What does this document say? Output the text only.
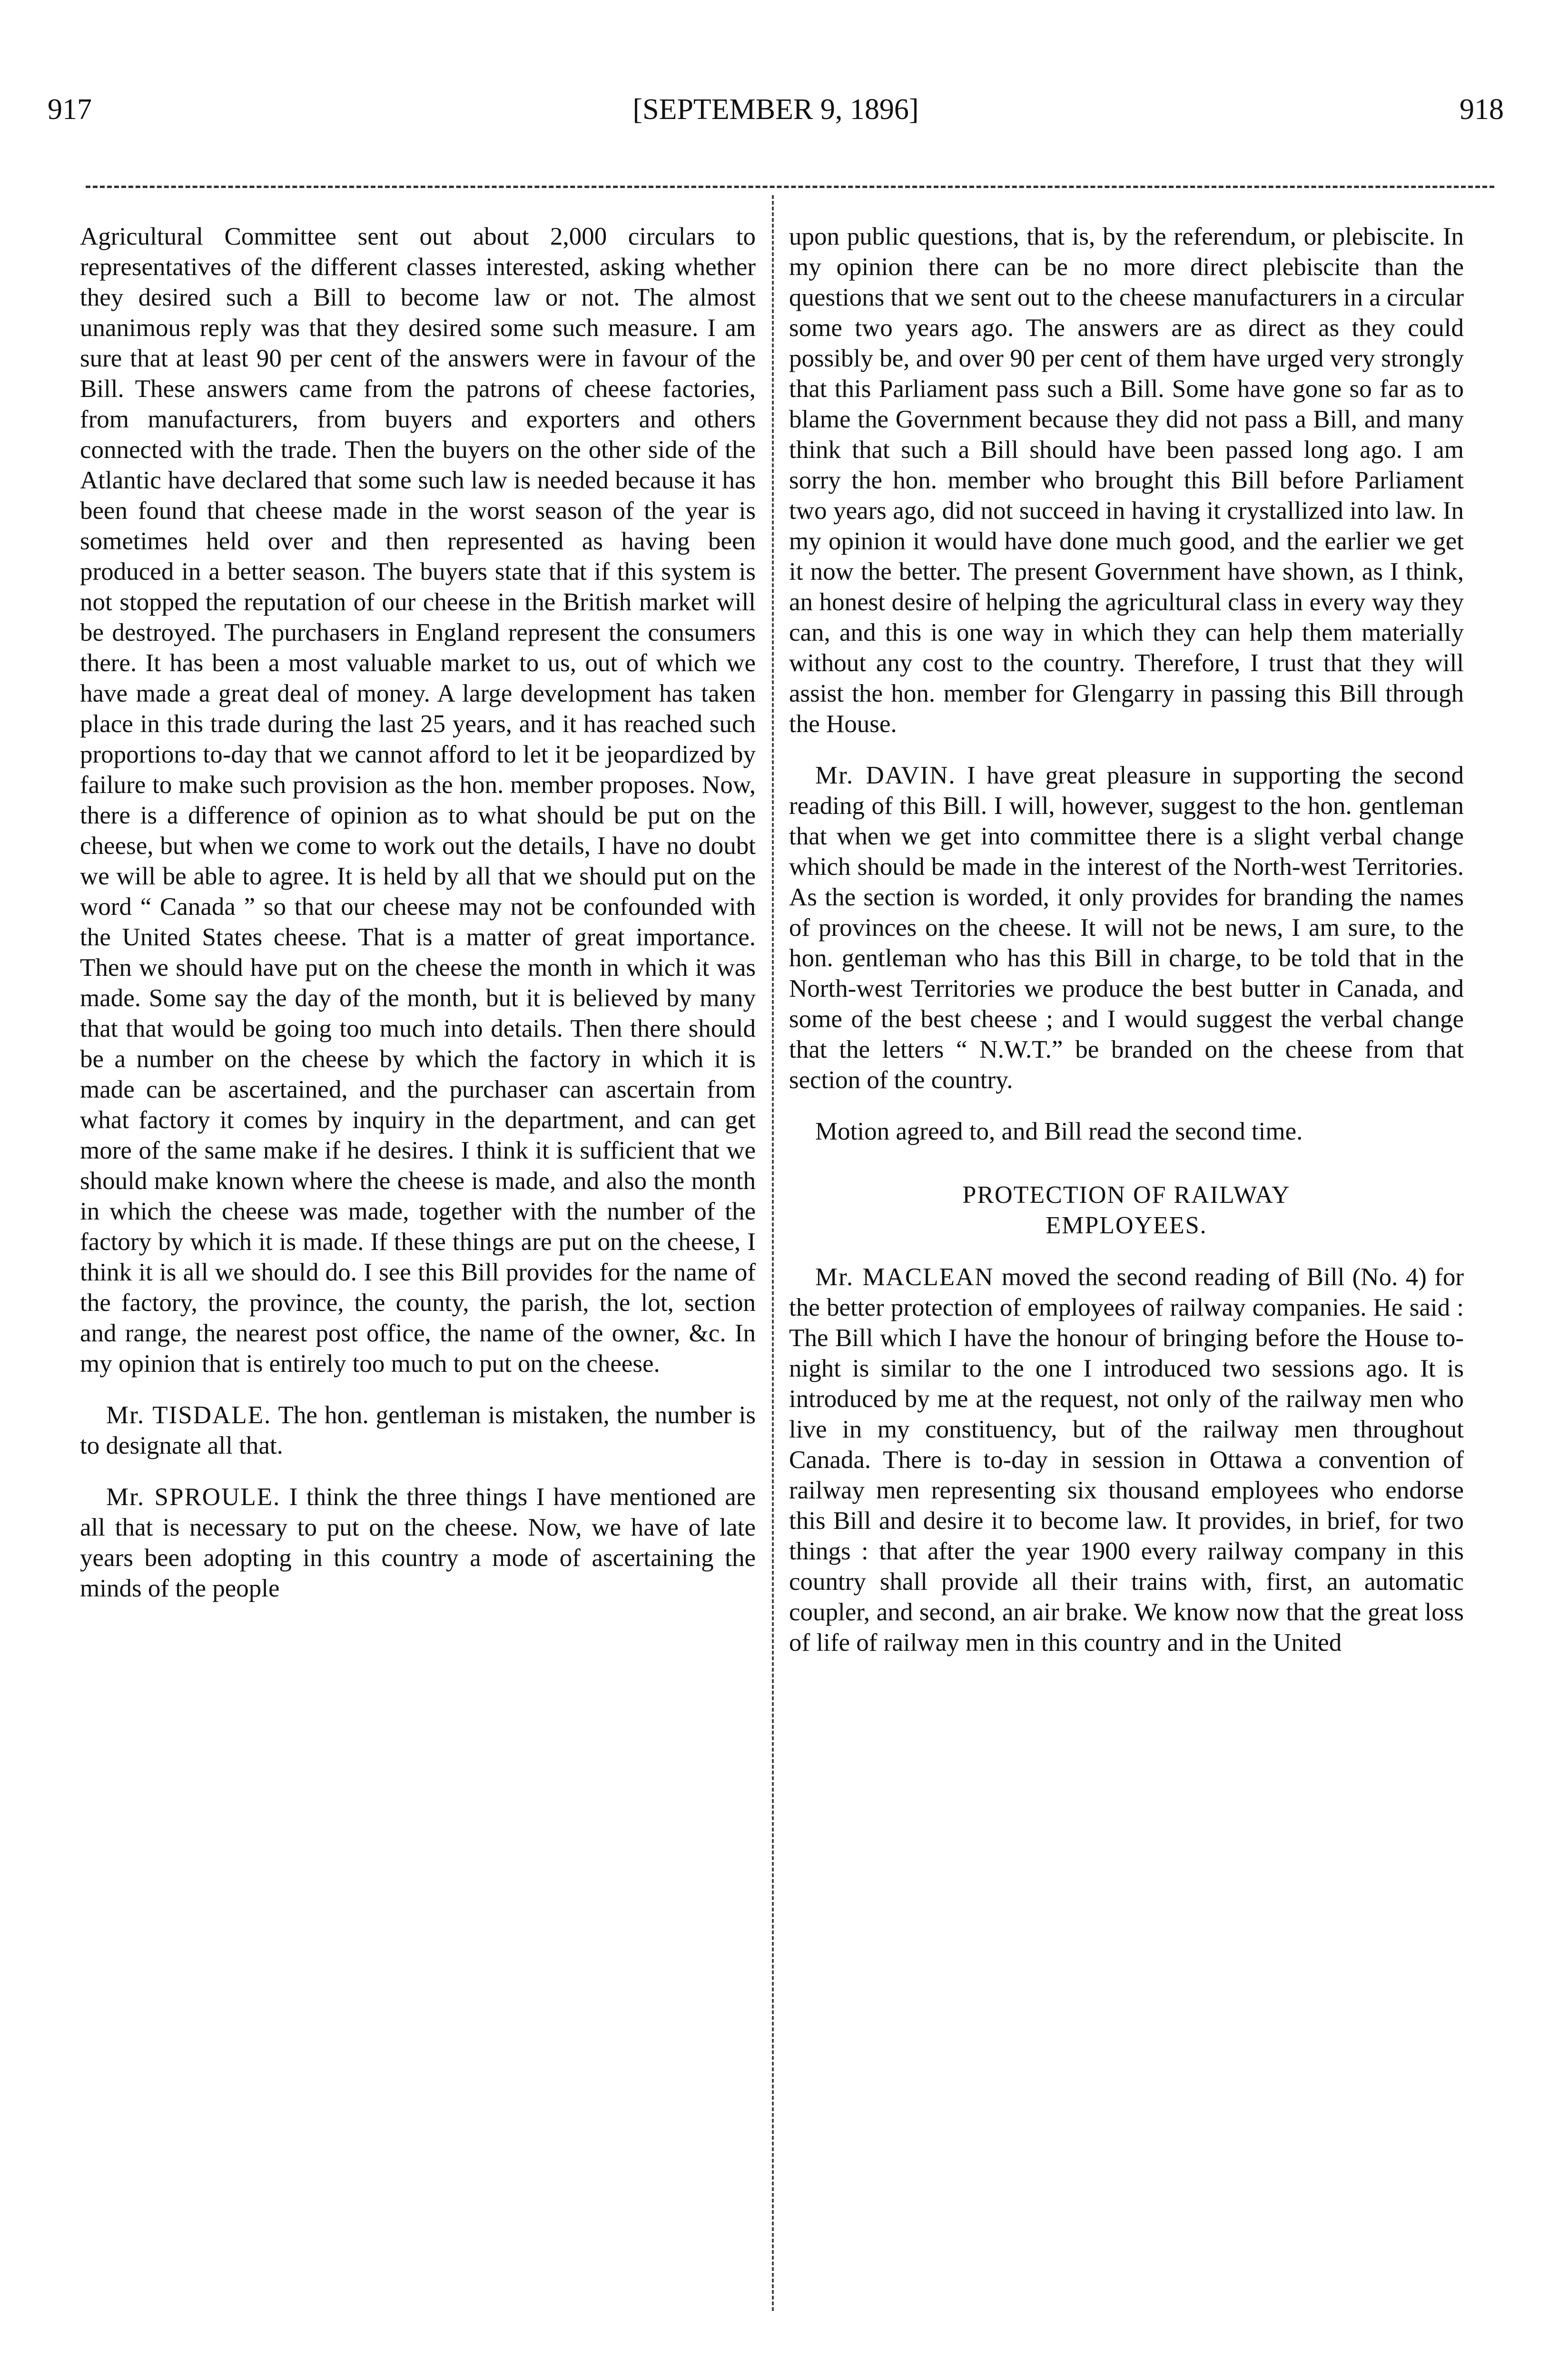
917	[SEPTEMBER 9, 1896]	918

Agricultural Committee sent out about 2,000 circulars to representatives of the different classes interested, asking whether they desired such a Bill to become law or not. The almost unanimous reply was that they desired some such measure. I am sure that at least 90 per cent of the answers were in favour of the Bill. These answers came from the patrons of cheese factories, from manufacturers, from buyers and exporters and others connected with the trade. Then the buyers on the other side of the Atlantic have declared that some such law is needed because it has been found that cheese made in the worst season of the year is sometimes held over and then represented as having been produced in a better season. The buyers state that if this system is not stopped the reputation of our cheese in the British market will be destroyed. The purchasers in England represent the consumers there. It has been a most valuable market to us, out of which we have made a great deal of money. A large development has taken place in this trade during the last 25 years, and it has reached such proportions to-day that we cannot afford to let it be jeopardized by failure to make such provision as the hon. member proposes. Now, there is a difference of opinion as to what should be put on the cheese, but when we come to work out the details, I have no doubt we will be able to agree. It is held by all that we should put on the word “ Canada ” so that our cheese may not be confounded with the United States cheese. That is a matter of great importance. Then we should have put on the cheese the month in which it was made. Some say the day of the month, but it is believed by many that that would be going too much into details. Then there should be a number on the cheese by which the factory in which it is made can be ascertained, and the purchaser can ascertain from what factory it comes by inquiry in the department, and can get more of the same make if he desires. I think it is sufficient that we should make known where the cheese is made, and also the month in which the cheese was made, together with the number of the factory by which it is made. If these things are put on the cheese, I think it is all we should do. I see this Bill provides for the name of the factory, the province, the county, the parish, the lot, section and range, the nearest post office, the name of the owner, &c. In my opinion that is entirely too much to put on the cheese.

Mr. TISDALE. The hon. gentleman is mistaken, the number is to designate all that.

Mr. SPROULE. I think the three things I have mentioned are all that is necessary to put on the cheese. Now, we have of late years been adopting in this country a mode of ascertaining the minds of the people

upon public questions, that is, by the referendum, or plebiscite. In my opinion there can be no more direct plebiscite than the questions that we sent out to the cheese manufacturers in a circular some two years ago. The answers are as direct as they could possibly be, and over 90 per cent of them have urged very strongly that this Parliament pass such a Bill. Some have gone so far as to blame the Government because they did not pass a Bill, and many think that such a Bill should have been passed long ago. I am sorry the hon. member who brought this Bill before Parliament two years ago, did not succeed in having it crystallized into law. In my opinion it would have done much good, and the earlier we get it now the better. The present Government have shown, as I think, an honest desire of helping the agricultural class in every way they can, and this is one way in which they can help them materially without any cost to the country. Therefore, I trust that they will assist the hon. member for Glengarry in passing this Bill through the House.

Mr. DAVIN. I have great pleasure in supporting the second reading of this Bill. I will, however, suggest to the hon. gentleman that when we get into committee there is a slight verbal change which should be made in the interest of the North-west Territories. As the section is worded, it only provides for branding the names of provinces on the cheese. It will not be news, I am sure, to the hon. gentleman who has this Bill in charge, to be told that in the North-west Territories we produce the best butter in Canada, and some of the best cheese ; and I would suggest the verbal change that the letters “ N.W.T.” be branded on the cheese from that section of the country.

Motion agreed to, and Bill read the second time.

PROTECTION OF RAILWAY
EMPLOYEES.

Mr. MACLEAN moved the second reading of Bill (No. 4) for the better protection of employees of railway companies. He said : The Bill which I have the honour of bringing before the House to-night is similar to the one I introduced two sessions ago. It is introduced by me at the request, not only of the railway men who live in my constituency, but of the railway men throughout Canada. There is to-day in session in Ottawa a convention of railway men representing six thousand employees who endorse this Bill and desire it to become law. It provides, in brief, for two things : that after the year 1900 every railway company in this country shall provide all their trains with, first, an automatic coupler, and second, an air brake. We know now that the great loss of life of railway men in this country and in the United
